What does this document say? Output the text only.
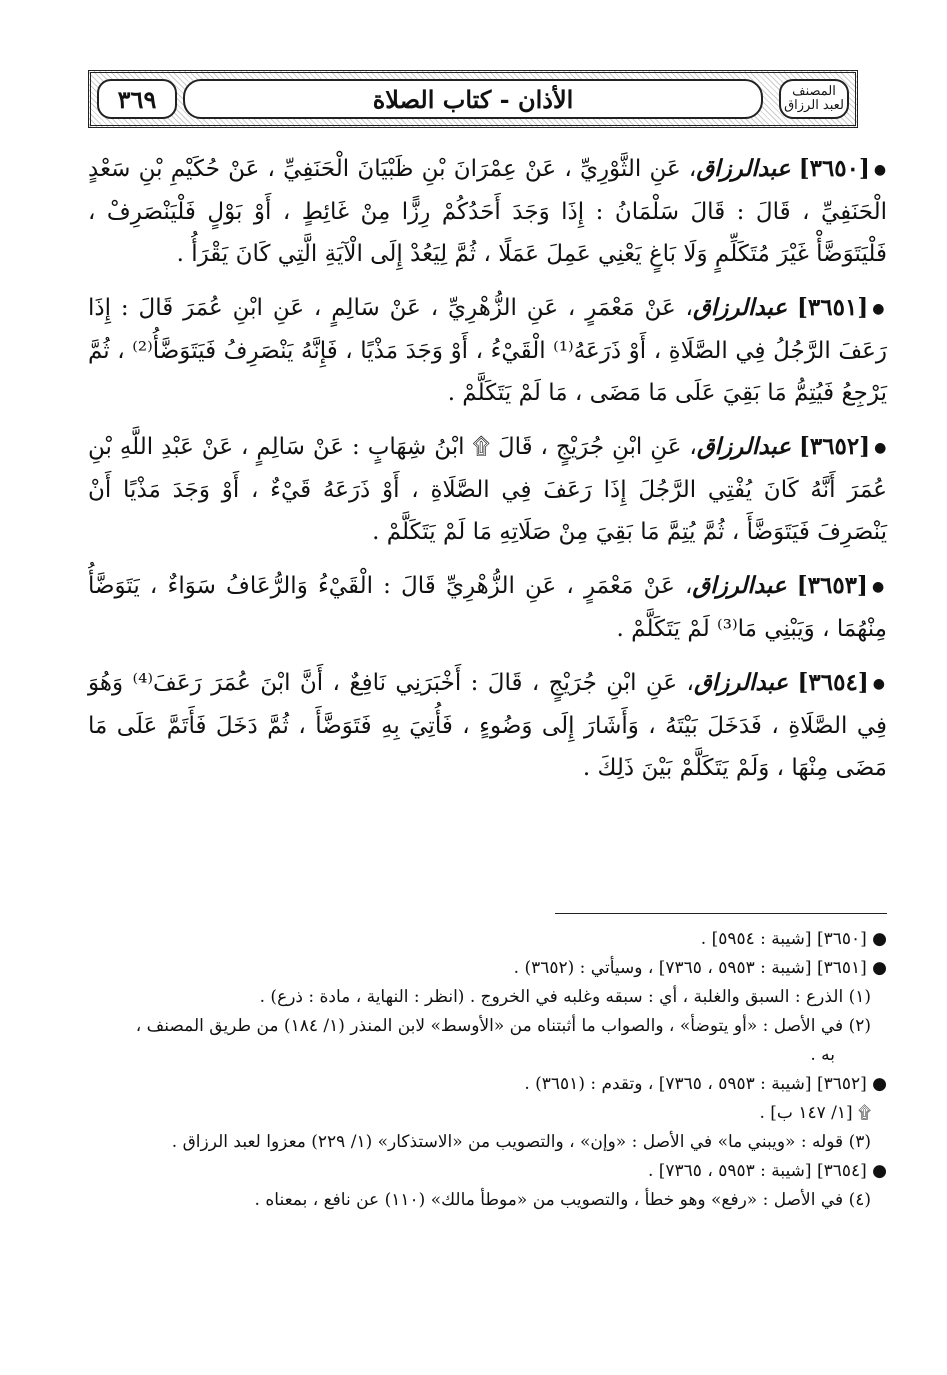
المصنف لعبد الرزاق
الأذان - كتاب الصلاة
٣٦٩

●[٣٦٥٠] عبدالرزاق، عَنِ الثَّوْرِيِّ ، عَنْ عِمْرَانَ بْنِ ظَبْيَانَ الْحَنَفِيِّ ، عَنْ حُكَيْمِ بْنِ سَعْدٍ الْحَنَفِيِّ ، قَالَ : قَالَ سَلْمَانُ : إِذَا وَجَدَ أَحَدُكُمْ رِزًّا مِنْ غَائِطٍ ، أَوْ بَوْلٍ فَلْيَنْصَرِفْ ، فَلْيَتَوَضَّأْ غَيْرَ مُتَكَلِّمٍ وَلَا بَاغٍ يَعْنِي عَمِلَ عَمَلًا ، ثُمَّ لِيَعُدْ إِلَى الْآيَةِ الَّتِي كَانَ يَقْرَأُ .

●[٣٦٥١] عبدالرزاق، عَنْ مَعْمَرٍ ، عَنِ الزُّهْرِيِّ ، عَنْ سَالِمٍ ، عَنِ ابْنِ عُمَرَ قَالَ : إِذَا رَعَفَ الرَّجُلُ فِي الصَّلَاةِ ، أَوْ ذَرَعَهُ⁽¹⁾ الْقَيْءُ ، أَوْ وَجَدَ مَذْيًا ، فَإِنَّهُ يَنْصَرِفُ فَيَتَوَضَّأُ⁽²⁾ ، ثُمَّ يَرْجِعُ فَيُتِمُّ مَا بَقِيَ عَلَى مَا مَضَى ، مَا لَمْ يَتَكَلَّمْ .

●[٣٦٥٢] عبدالرزاق، عَنِ ابْنِ جُرَيْجٍ ، قَالَ ۩ ابْنُ شِهَابٍ : عَنْ سَالِمٍ ، عَنْ عَبْدِ اللَّهِ بْنِ عُمَرَ أَنَّهُ كَانَ يُفْتِي الرَّجُلَ إِذَا رَعَفَ فِي الصَّلَاةِ ، أَوْ ذَرَعَهُ قَيْءٌ ، أَوْ وَجَدَ مَذْيًا أَنْ يَنْصَرِفَ فَيَتَوَضَّأَ ، ثُمَّ يُتِمَّ مَا بَقِيَ مِنْ صَلَاتِهِ مَا لَمْ يَتَكَلَّمْ .

●[٣٦٥٣] عبدالرزاق، عَنْ مَعْمَرٍ ، عَنِ الزُّهْرِيِّ قَالَ : الْقَيْءُ وَالرُّعَافُ سَوَاءٌ ، يَتَوَضَّأُ مِنْهُمَا ، وَيَبْنِي مَا⁽³⁾ لَمْ يَتَكَلَّمْ .

●[٣٦٥٤] عبدالرزاق، عَنِ ابْنِ جُرَيْجٍ ، قَالَ : أَخْبَرَنِي نَافِعٌ ، أَنَّ ابْنَ عُمَرَ رَعَفَ⁽⁴⁾ وَهُوَ فِي الصَّلَاةِ ، فَدَخَلَ بَيْتَهُ ، وَأَشَارَ إِلَى وَضُوءٍ ، فَأُتِيَ بِهِ فَتَوَضَّأَ ، ثُمَّ دَخَلَ فَأَتَمَّ عَلَى مَا مَضَى مِنْهَا ، وَلَمْ يَتَكَلَّمْ بَيْنَ ذَلِكَ .

● [٣٦٥٠] [شيبة : ٥٩٥٤] .

● [٣٦٥١] [شيبة : ٥٩٥٣ ، ٧٣٦٥] ، وسيأتي : (٣٦٥٢) .

(١) الذرع : السبق والغلبة ، أي : سبقه وغلبه في الخروج . (انظر : النهاية ، مادة : ذرع) .

(٢) في الأصل : «أو يتوضأ» ، والصواب ما أثبتناه من «الأوسط» لابن المنذر (١/ ١٨٤) من طريق المصنف ،

به .

● [٣٦٥٢] [شيبة : ٥٩٥٣ ، ٧٣٦٥] ، وتقدم : (٣٦٥١) .

۩ [١/ ١٤٧ ب] .

(٣) قوله : «ويبني ما» في الأصل : «وإن» ، والتصويب من «الاستذكار» (١/ ٢٢٩) معزوا لعبد الرزاق .

● [٣٦٥٤] [شيبة : ٥٩٥٣ ، ٧٣٦٥] .

(٤) في الأصل : «رفع» وهو خطأ ، والتصويب من «موطأ مالك» (١١٠) عن نافع ، بمعناه .
